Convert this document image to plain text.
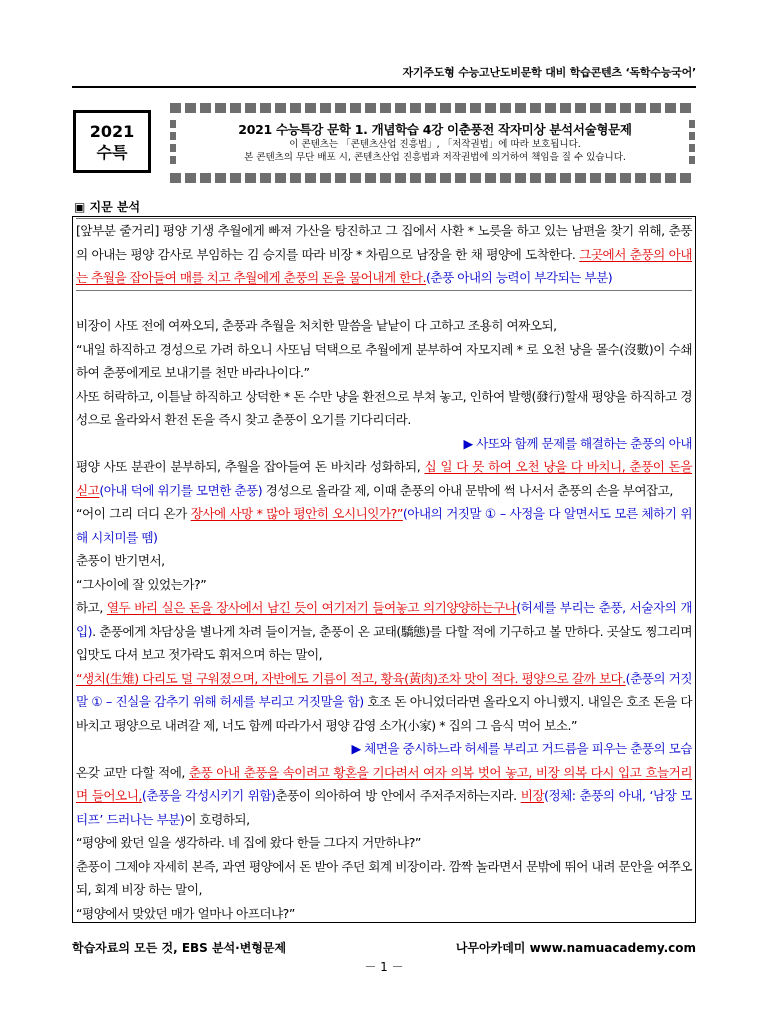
자기주도형 수능고난도비문학 대비 학습콘텐츠 ‘독학수능국어’
2021
수특
2021 수능특강 문학 1. 개념학습 4강 이춘풍전 작자미상 분석서술형문제
이 콘텐츠는 「콘텐츠산업 진흥법」, 「저작권법」에 따라 보호됩니다.
본 콘텐츠의 무단 배포 시, 콘텐츠산업 진흥법과 저작권법에 의거하여 책임을 질 수 있습니다.
▣ 지문 분석

[앞부분 줄거리] 평양 기생 추월에게 빠져 가산을 탕진하고 그 집에서 사환 * 노릇을 하고 있는 남편을 찾기 위해, 춘풍의 아내는 평양 감사로 부임하는 김 승지를 따라 비장 * 차림으로 남장을 한 채 평양에 도착한다. 그곳에서 춘풍의 아내는 추월을 잡아들여 매를 치고 추월에게 춘풍의 돈을 물어내게 한다.(춘풍 아내의 능력이 부각되는 부분)

비장이 사또 전에 여짜오되, 춘풍과 추월을 처치한 말씀을 낱낱이 다 고하고 조용히 여짜오되,

“내일 하직하고 경성으로 가려 하오니 사또님 덕택으로 추월에게 분부하여 자모지례 * 로 오천 냥을 몰수(沒數)이 수쇄하여 춘풍에게로 보내기를 천만 바라나이다.”

사또 허락하고, 이튿날 하직하고 상덕한 * 돈 수만 냥을 환전으로 부쳐 놓고, 인하여 발행(發行)할새 평양을 하직하고 경성으로 올라와서 환전 돈을 즉시 찾고 춘풍이 오기를 기다리더라.

▶ 사또와 함께 문제를 해결하는 춘풍의 아내

평양 사또 분관이 분부하되, 추월을 잡아들여 돈 바치라 성화하되, 십 일 다 못 하여 오천 냥을 다 바치니, 춘풍이 돈을 싣고(아내 덕에 위기를 모면한 춘풍) 경성으로 올라갈 제, 이때 춘풍의 아내 문밖에 썩 나서서 춘풍의 손을 부여잡고,

“어이 그리 더디 온가 장사에 사망 * 많아 평안히 오시니잇가?”(아내의 거짓말 ① – 사정을 다 알면서도 모른 체하기 위해 시치미를 뗌)

춘풍이 반기면서,

“그사이에 잘 있었는가?”

하고, 열두 바리 실은 돈을 장사에서 남긴 듯이 여기저기 들여놓고 의기양양하는구나(허세를 부리는 춘풍, 서술자의 개입). 춘풍에게 차담상을 별나게 차려 들이거늘, 춘풍이 온 교태(驕態)를 다할 적에 기구하고 볼 만하다. 곳살도 찡그리며 입맛도 다셔 보고 젓가락도 휘저으며 하는 말이,

“생치(生雉) 다리도 덜 구워졌으며, 자반에도 기름이 적고, 황육(黃肉)조차 맛이 적다. 평양으로 갈까 보다.(춘풍의 거짓말 ① – 진실을 감추기 위해 허세를 부리고 거짓말을 함) 호조 돈 아니었더라면 올라오지 아니했지. 내일은 호조 돈을 다 바치고 평양으로 내려갈 제, 너도 함께 따라가서 평양 감영 소가(小家) * 집의 그 음식 먹어 보소.”

▶ 체면을 중시하느라 허세를 부리고 거드름을 피우는 춘풍의 모습

온갖 교만 다할 적에, 춘풍 아내 춘풍을 속이려고 황혼을 기다려서 여자 의복 벗어 놓고, 비장 의복 다시 입고 흐늘거리며 들어오니,(춘풍을 각성시키기 위함)춘풍이 의아하여 방 안에서 주저주저하는지라. 비장(정체: 춘풍의 아내, ‘남장 모티프’ 드러나는 부분)이 호령하되,

“평양에 왔던 일을 생각하라. 네 집에 왔다 한들 그다지 거만하냐?”

춘풍이 그제야 자세히 본즉, 과연 평양에서 돈 받아 주던 회계 비장이라. 깜짝 놀라면서 문밖에 뛰어 내려 문안을 여쭈오되, 회계 비장 하는 말이,

“평양에서 맞았던 매가 얼마나 아프더냐?”

학습자료의 모든 것, EBS 분석·변형문제	나무아카데미 www.namuacademy.com
－ 1 －
